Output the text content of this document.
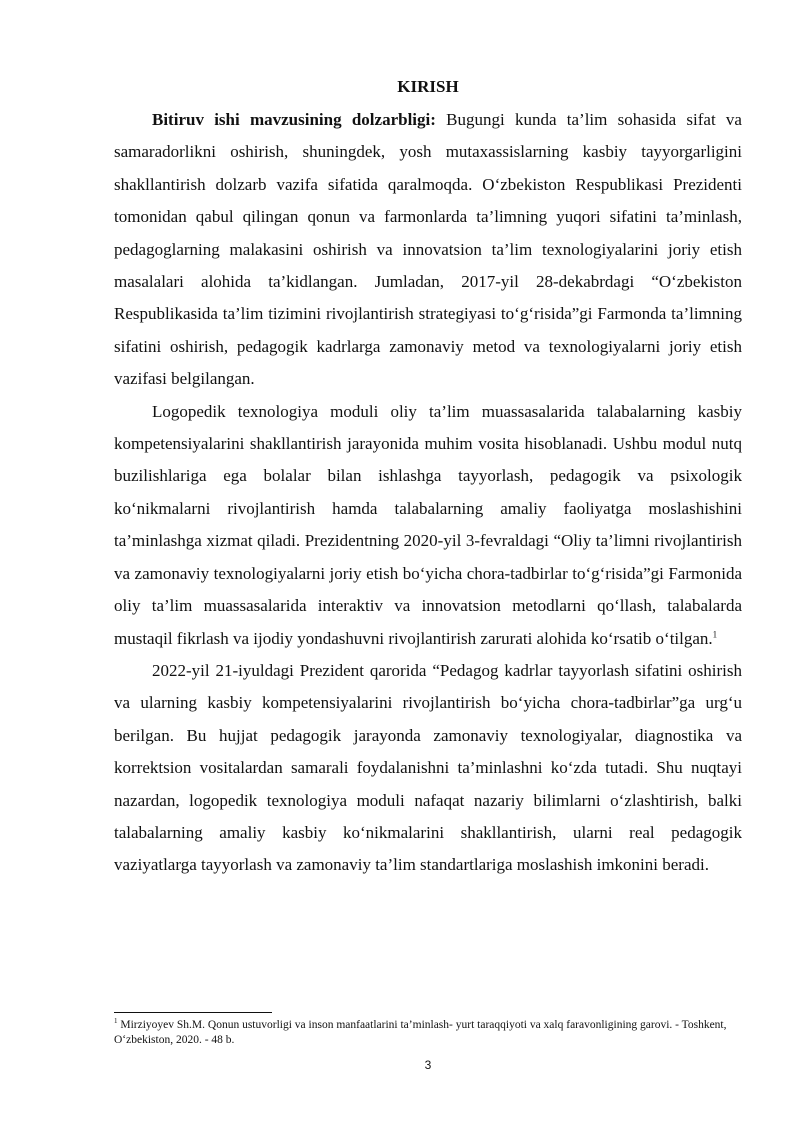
KIRISH

Bitiruv ishi mavzusining dolzarbligi: Bugungi kunda ta’lim sohasida sifat va samaradorlikni oshirish, shuningdek, yosh mutaxassislarning kasbiy tayyorgarligini shakllantirish dolzarb vazifa sifatida qaralmoqda. O‘zbekiston Respublikasi Prezidenti tomonidan qabul qilingan qonun va farmonlarda ta’limning yuqori sifatini ta’minlash, pedagoglarning malakasini oshirish va innovatsion ta’lim texnologiyalarini joriy etish masalalari alohida ta’kidlangan. Jumladan, 2017-yil 28-dekabrdagi “O‘zbekiston Respublikasida ta’lim tizimini rivojlantirish strategiyasi to‘g‘risida”gi Farmonda ta’limning sifatini oshirish, pedagogik kadrlarga zamonaviy metod va texnologiyalarni joriy etish vazifasi belgilangan.

Logopedik texnologiya moduli oliy ta’lim muassasalarida talabalarning kasbiy kompetensiyalarini shakllantirish jarayonida muhim vosita hisoblanadi. Ushbu modul nutq buzilishlariga ega bolalar bilan ishlashga tayyorlash, pedagogik va psixologik ko‘nikmalarni rivojlantirish hamda talabalarning amaliy faoliyatga moslashishini ta’minlashga xizmat qiladi. Prezidentning 2020-yil 3-fevraldagi “Oliy ta’limni rivojlantirish va zamonaviy texnologiyalarni joriy etish bo‘yicha chora-tadbirlar to‘g‘risida”gi Farmonida oliy ta’lim muassasalarida interaktiv va innovatsion metodlarni qo‘llash, talabalarda mustaqil fikrlash va ijodiy yondashuvni rivojlantirish zarurati alohida ko‘rsatib o‘tilgan.$^1$

2022-yil 21-iyuldagi Prezident qarorida “Pedagog kadrlar tayyorlash sifatini oshirish va ularning kasbiy kompetensiyalarini rivojlantirish bo‘yicha chora-tadbirlar”ga urg‘u berilgan. Bu hujjat pedagogik jarayonda zamonaviy texnologiyalar, diagnostika va korrektsion vositalardan samarali foydalanishni ta’minlashni ko‘zda tutadi. Shu nuqtayi nazardan, logopedik texnologiya moduli nafaqat nazariy bilimlarni o‘zlashtirish, balki talabalarning amaliy kasbiy ko‘nikmalarini shakllantirish, ularni real pedagogik vaziyatlarga tayyorlash va zamonaviy ta’lim standartlariga moslashish imkonini beradi.

$^1$ Mirziyoyev Sh.M. Qonun ustuvorligi va inson manfaatlarini ta’minlash- yurt taraqqiyoti va xalq faravonligining garovi. - Toshkent, O‘zbekiston, 2020. - 48 b.
3
